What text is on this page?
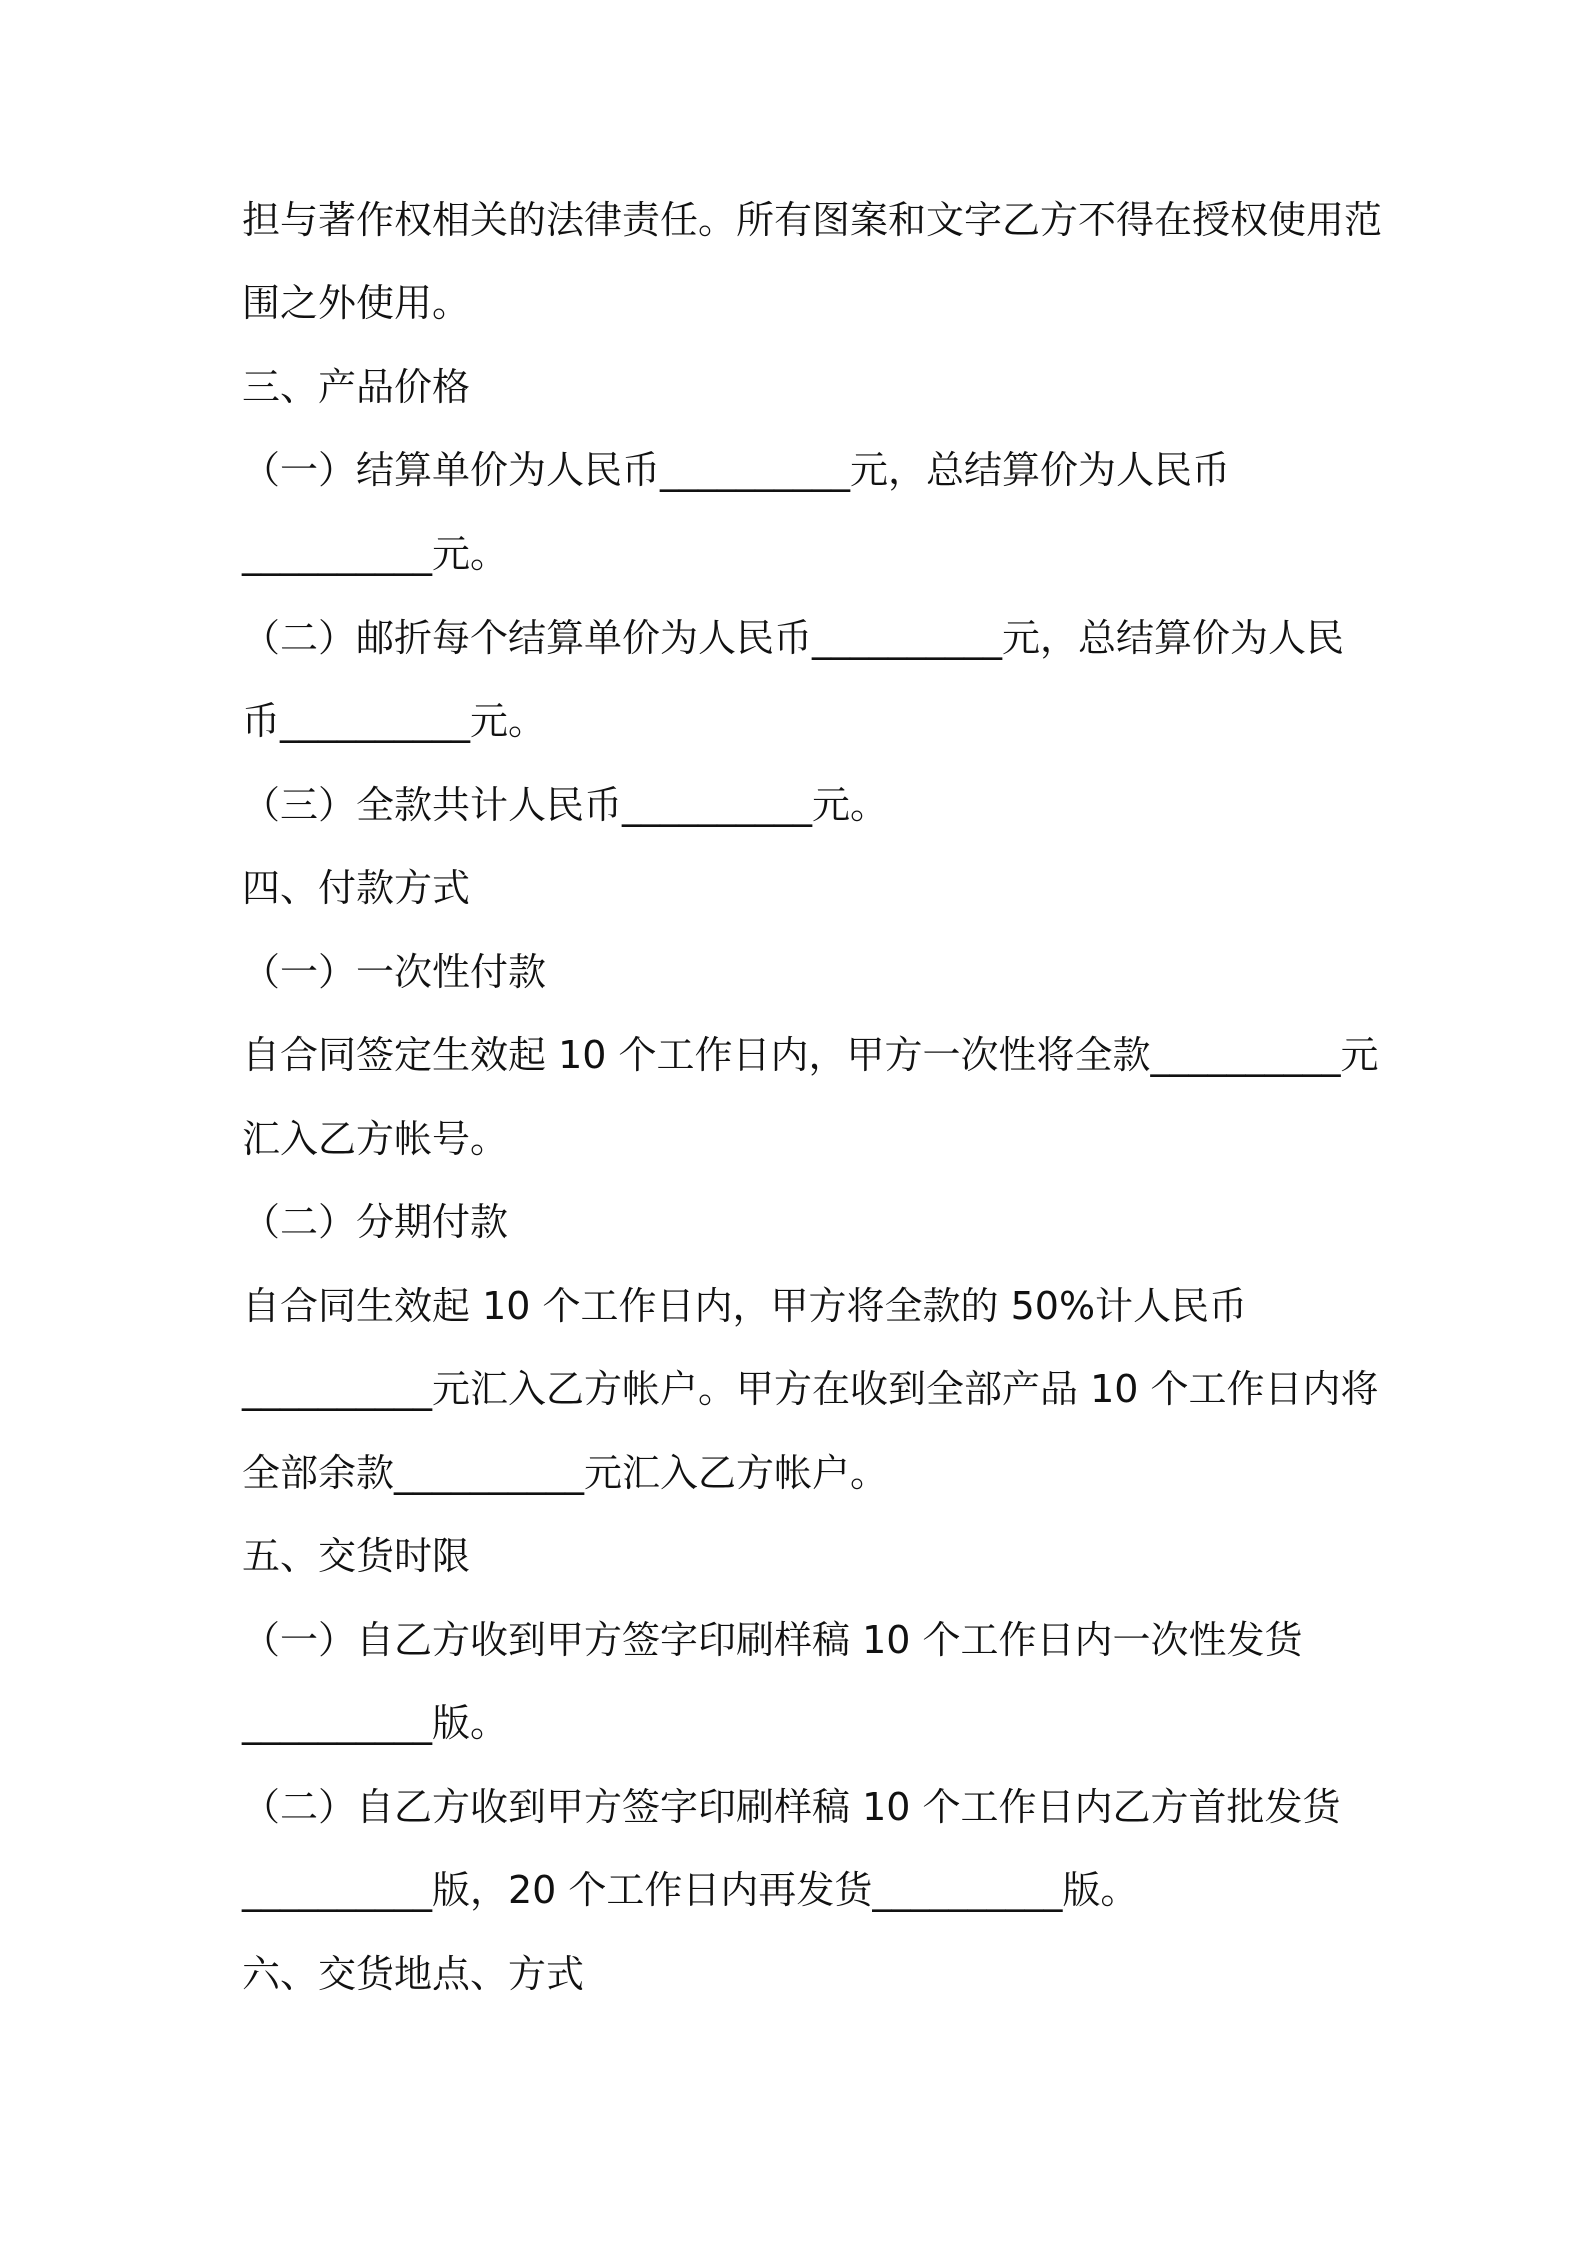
担与著作权相关的法律责任。所有图案和文字乙方不得在授权使用范
围之外使用。
三、产品价格
（一）结算单价为人民币__________元，总结算价为人民币
__________元。
（二）邮折每个结算单价为人民币__________元，总结算价为人民
币__________元。
（三）全款共计人民币__________元。
四、付款方式
（一）一次性付款
自合同签定生效起 10 个工作日内，甲方一次性将全款__________元
汇入乙方帐号。
（二）分期付款
自合同生效起 10 个工作日内，甲方将全款的 50%计人民币
__________元汇入乙方帐户。甲方在收到全部产品 10 个工作日内将
全部余款__________元汇入乙方帐户。
五、交货时限
（一）自乙方收到甲方签字印刷样稿 10 个工作日内一次性发货
__________版。
（二）自乙方收到甲方签字印刷样稿 10 个工作日内乙方首批发货
__________版，20 个工作日内再发货__________版。
六、交货地点、方式
